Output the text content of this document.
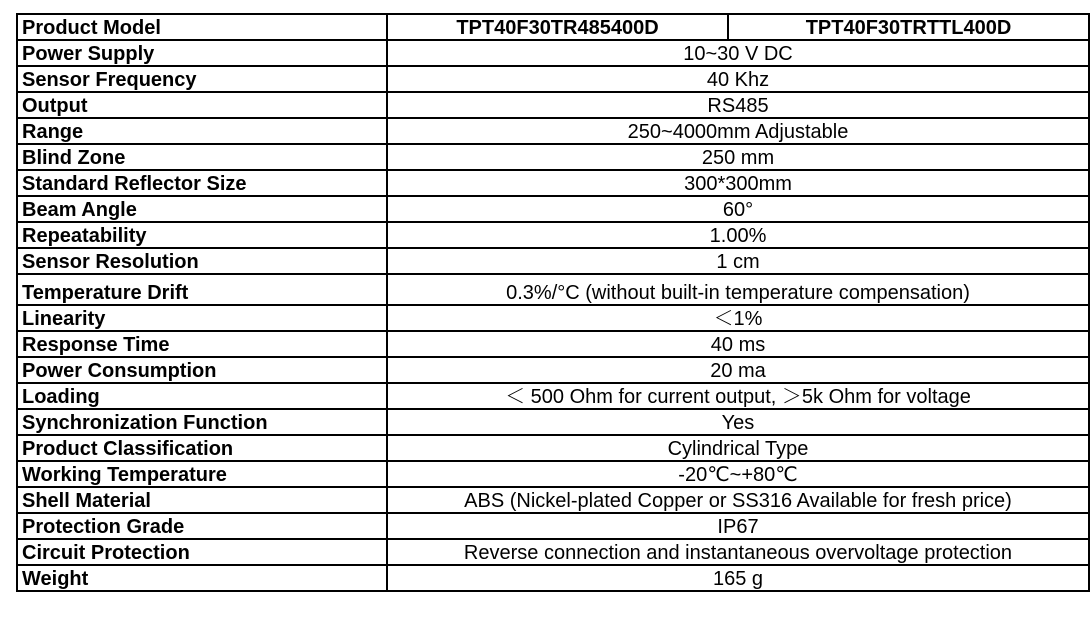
Product Model	TPT40F30TR485400D	TPT40F30TRTTL400D
Power Supply	10~30 V DC	
Sensor Frequency	40 Khz	
Output	RS485	
Range	250~4000mm Adjustable	
Blind Zone	250 mm	
Standard Reflector Size	300*300mm	
Beam Angle	60°	
Repeatability	1.00%	
Sensor Resolution	1 cm	
Temperature Drift	0.3%/°C (without built-in temperature compensation)	
Linearity	＜1%	
Response Time	40 ms	
Power Consumption	20 ma	
Loading	＜ 500 Ohm for current output, ＞5k Ohm for voltage	
Synchronization Function	Yes	
Product Classification	Cylindrical Type	
Working Temperature	-20℃~+80℃	
Shell Material	ABS (Nickel-plated Copper or SS316 Available for fresh price)	
Protection Grade	IP67	
Circuit Protection	Reverse connection and instantaneous overvoltage protection	
Weight	165 g	
